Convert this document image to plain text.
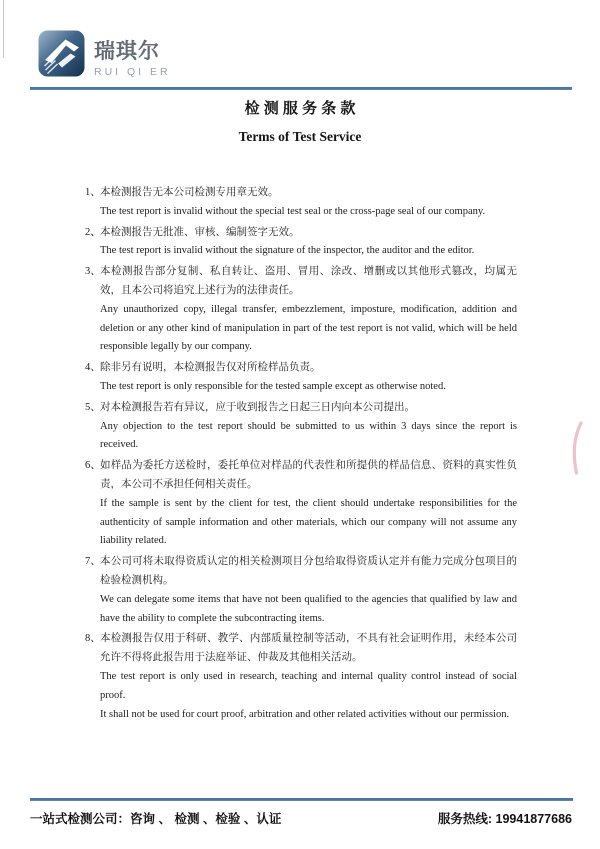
瑞琪尔
RUI QI ER
检 测 服 务 条 款
Terms of Test Service

1、 本检测报告无本公司检测专用章无效。

The test report is invalid without the special test seal or the cross-page seal of our company.

2、 本检测报告无批准、审核、编制签字无效。

The test report is invalid without the signature of the inspector, the auditor and the editor.

3、 本检测报告部分复制、私自转让、盗用、冒用、涂改、增删或以其他形式篡改，均属无效，且本公司将追究上述行为的法律责任。

Any unauthorized copy, illegal transfer, embezzlement, imposture, modification, addition and deletion or any other kind of manipulation in part of the test report is not valid, which will be held responsible legally by our company.

4、 除非另有说明，本检测报告仅对所检样品负责。

The test report is only responsible for the tested sample except as otherwise noted.

5、 对本检测报告若有异议，应于收到报告之日起三日内向本公司提出。

Any objection to the test report should be submitted to us within 3 days since the report is received.

6、 如样品为委托方送检时，委托单位对样品的代表性和所提供的样品信息、资料的真实性负责，本公司不承担任何相关责任。

If the sample is sent by the client for test, the client should undertake responsibilities for the authenticity of sample information and other materials, which our company will not assume any liability related.

7、 本公司可将未取得资质认定的相关检测项目分包给取得资质认定并有能力完成分包项目的检验检测机构。

We can delegate some items that have not been qualified to the agencies that qualified by law and have the ability to complete the subcontracting items.

8、 本检测报告仅用于科研、教学、内部质量控制等活动，不具有社会证明作用，未经本公司允许不得将此报告用于法庭举证、仲裁及其他相关活动。

The test report is only used in research, teaching and internal quality control instead of social proof.

It shall not be used for court proof, arbitration and other related activities without our permission.

一站式检测公司：咨询 、 检测 、检验 、认证	服务热线: 19941877686
